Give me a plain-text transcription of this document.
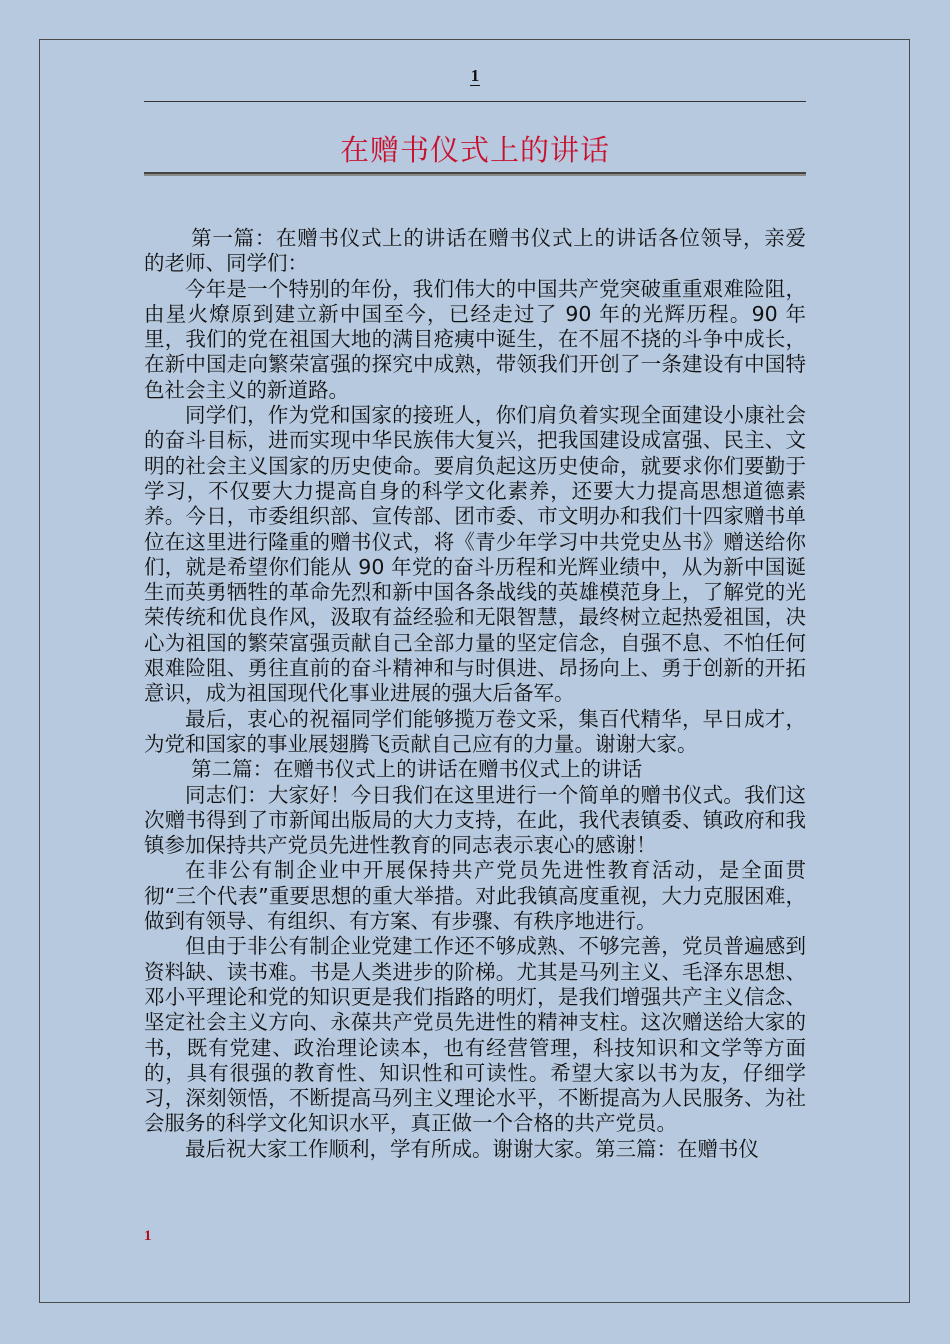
1
在赠书仪式上的讲话

第一篇：在赠书仪式上的讲话在赠书仪式上的讲话各位领导，亲爱的老师、同学们：

今年是一个特别的年份，我们伟大的中国共产党突破重重艰难险阻，由星火燎原到建立新中国至今，已经走过了 90 年的光辉历程。90 年里，我们的党在祖国大地的满目疮痍中诞生，在不屈不挠的斗争中成长，在新中国走向繁荣富强的探究中成熟，带领我们开创了一条建设有中国特色社会主义的新道路。

同学们，作为党和国家的接班人，你们肩负着实现全面建设小康社会的奋斗目标，进而实现中华民族伟大复兴，把我国建设成富强、民主、文明的社会主义国家的历史使命。要肩负起这历史使命，就要求你们要勤于学习，不仅要大力提高自身的科学文化素养，还要大力提高思想道德素养。今日，市委组织部、宣传部、团市委、市文明办和我们十四家赠书单位在这里进行隆重的赠书仪式，将《青少年学习中共党史丛书》赠送给你们，就是希望你们能从 90 年党的奋斗历程和光辉业绩中，从为新中国诞生而英勇牺牲的革命先烈和新中国各条战线的英雄模范身上，了解党的光荣传统和优良作风，汲取有益经验和无限智慧，最终树立起热爱祖国，决心为祖国的繁荣富强贡献自己全部力量的坚定信念，自强不息、不怕任何艰难险阻、勇往直前的奋斗精神和与时俱进、昂扬向上、勇于创新的开拓意识，成为祖国现代化事业进展的强大后备军。

最后，衷心的祝福同学们能够揽万卷文采，集百代精华，早日成才，为党和国家的事业展翅腾飞贡献自己应有的力量。谢谢大家。

第二篇：在赠书仪式上的讲话在赠书仪式上的讲话

同志们：大家好！今日我们在这里进行一个简单的赠书仪式。我们这次赠书得到了市新闻出版局的大力支持，在此，我代表镇委、镇政府和我镇参加保持共产党员先进性教育的同志表示衷心的感谢！

在非公有制企业中开展保持共产党员先进性教育活动，是全面贯彻“三个代表”重要思想的重大举措。对此我镇高度重视，大力克服困难，做到有领导、有组织、有方案、有步骤、有秩序地进行。

但由于非公有制企业党建工作还不够成熟、不够完善，党员普遍感到资料缺、读书难。书是人类进步的阶梯。尤其是马列主义、毛泽东思想、邓小平理论和党的知识更是我们指路的明灯，是我们增强共产主义信念、坚定社会主义方向、永葆共产党员先进性的精神支柱。这次赠送给大家的书，既有党建、政治理论读本，也有经营管理，科技知识和文学等方面的，具有很强的教育性、知识性和可读性。希望大家以书为友，仔细学习，深刻领悟，不断提高马列主义理论水平，不断提高为人民服务、为社会服务的科学文化知识水平，真正做一个合格的共产党员。

最后祝大家工作顺利，学有所成。谢谢大家。第三篇：在赠书仪

1
